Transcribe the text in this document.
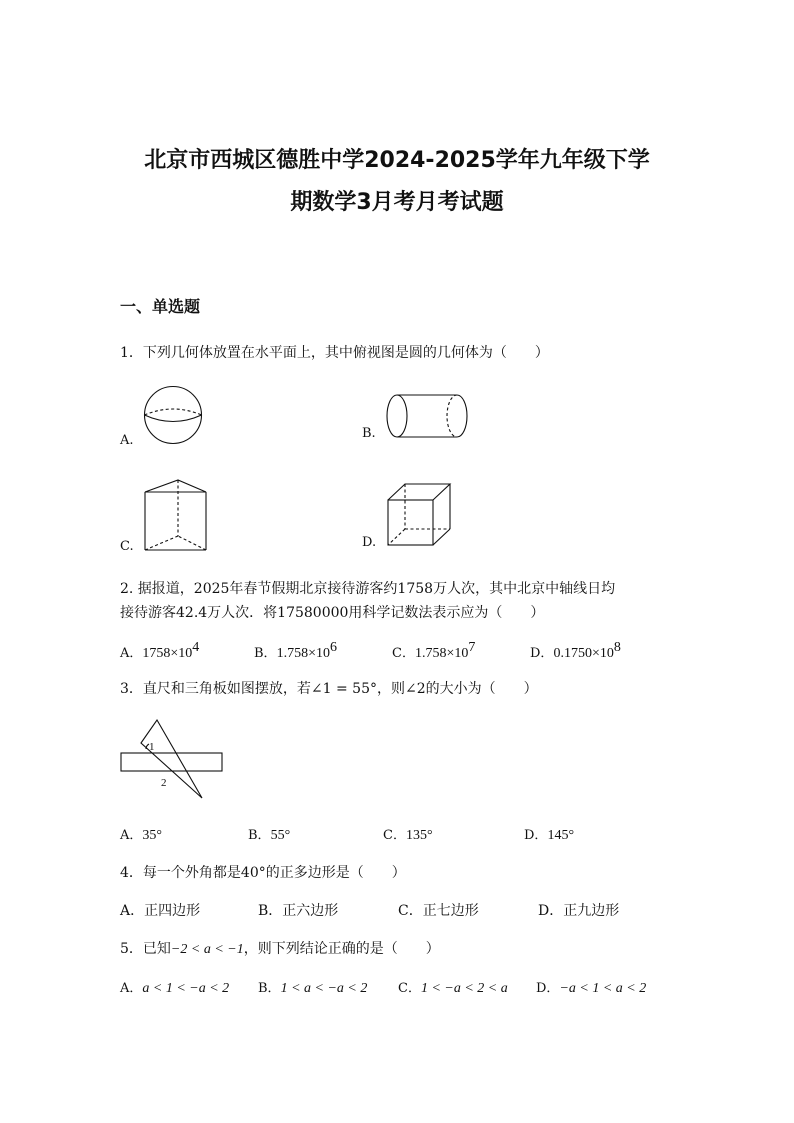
北京市西城区德胜中学2024-2025学年九年级下学
期数学3月考月考试题
一、单选题
1．下列几何体放置在水平面上，其中俯视图是圆的几何体为（　　）
A.	B.
C.	D.
2. 据报道，2025年春节假期北京接待游客约1758万人次，其中北京中轴线日均
接待游客42.4万人次．将17580000用科学记数法表示应为（　　）
A．$1758\times 10^4$	B．$1.758\times 10^6$	C．$1.758\times 10^7$	D．$0.1750\times 10^8$
3．直尺和三角板如图摆放，若∠1 = 55°，则∠2的大小为（　　）
1
2
A．35°	B．55°	C．135°	D．145°
4．每一个外角都是40°的正多边形是（　　）
A．正四边形	B．正六边形	C．正七边形	D．正九边形
5．已知−2 < a < −1，则下列结论正确的是（　　）
A．a < 1 < −a < 2 B．1 < a < −a < 2 C．1 < −a < 2 < a D．−a < 1 < a < 2
